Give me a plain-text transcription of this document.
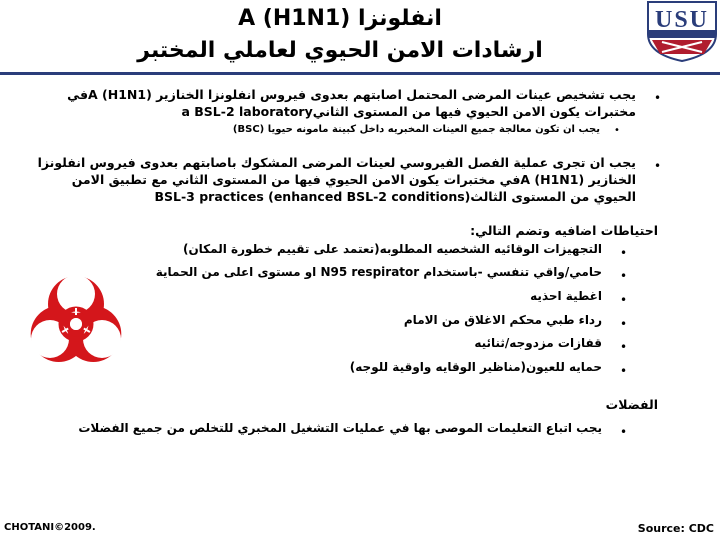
انفلونزا A (H1N1)
ارشادات الامن الحيوي لعاملي المختبر
USU
•
يجب تشخيص عينات المرضى المحتمل اصابتهم بعدوى فيروس انفلونزا الخنازير A (H1N1)في
مختبرات يكون الامن الحيوي فيها من المستوى الثانيa BSL-2 laboratory
•
يجب ان تكون معالجة جميع العينات المخبريه داخل كبينة مامونه حيويا (BSC)
•
يجب ان تجرى عملية الفصل الفيروسي لعينات المرضى المشكوك باصابتهم بعدوى فيروس انفلونزا
الخنازير A (H1N1)في مختبرات يكون الامن الحيوي فيها من المستوى الثاني مع تطبيق الامن
الحيوي من المستوى الثالث(BSL-3 practices (enhanced BSL-2 conditions
احتياطات اضافيه وتضم التالي:
•
التجهيزات الوقائيه الشخصيه المطلوبه(تعتمد على تقييم خطورة المكان)
•
حامي/واقي تنفسي -باستخدام N95 respirator او مستوى اعلى من الحماية
•
اغطية احذيه
•
رداء طبي محكم الاغلاق من الامام
•
قفازات مزدوجه/ثنائيه
•
حمايه للعيون(مناظير الوقايه واوقية للوجه)
الفضلات
•
يجب اتباع التعليمات الموصى بها في عمليات التشغيل المخبري للتخلص من جميع الفضلات
CHOTANI©2009.	Source: CDC
